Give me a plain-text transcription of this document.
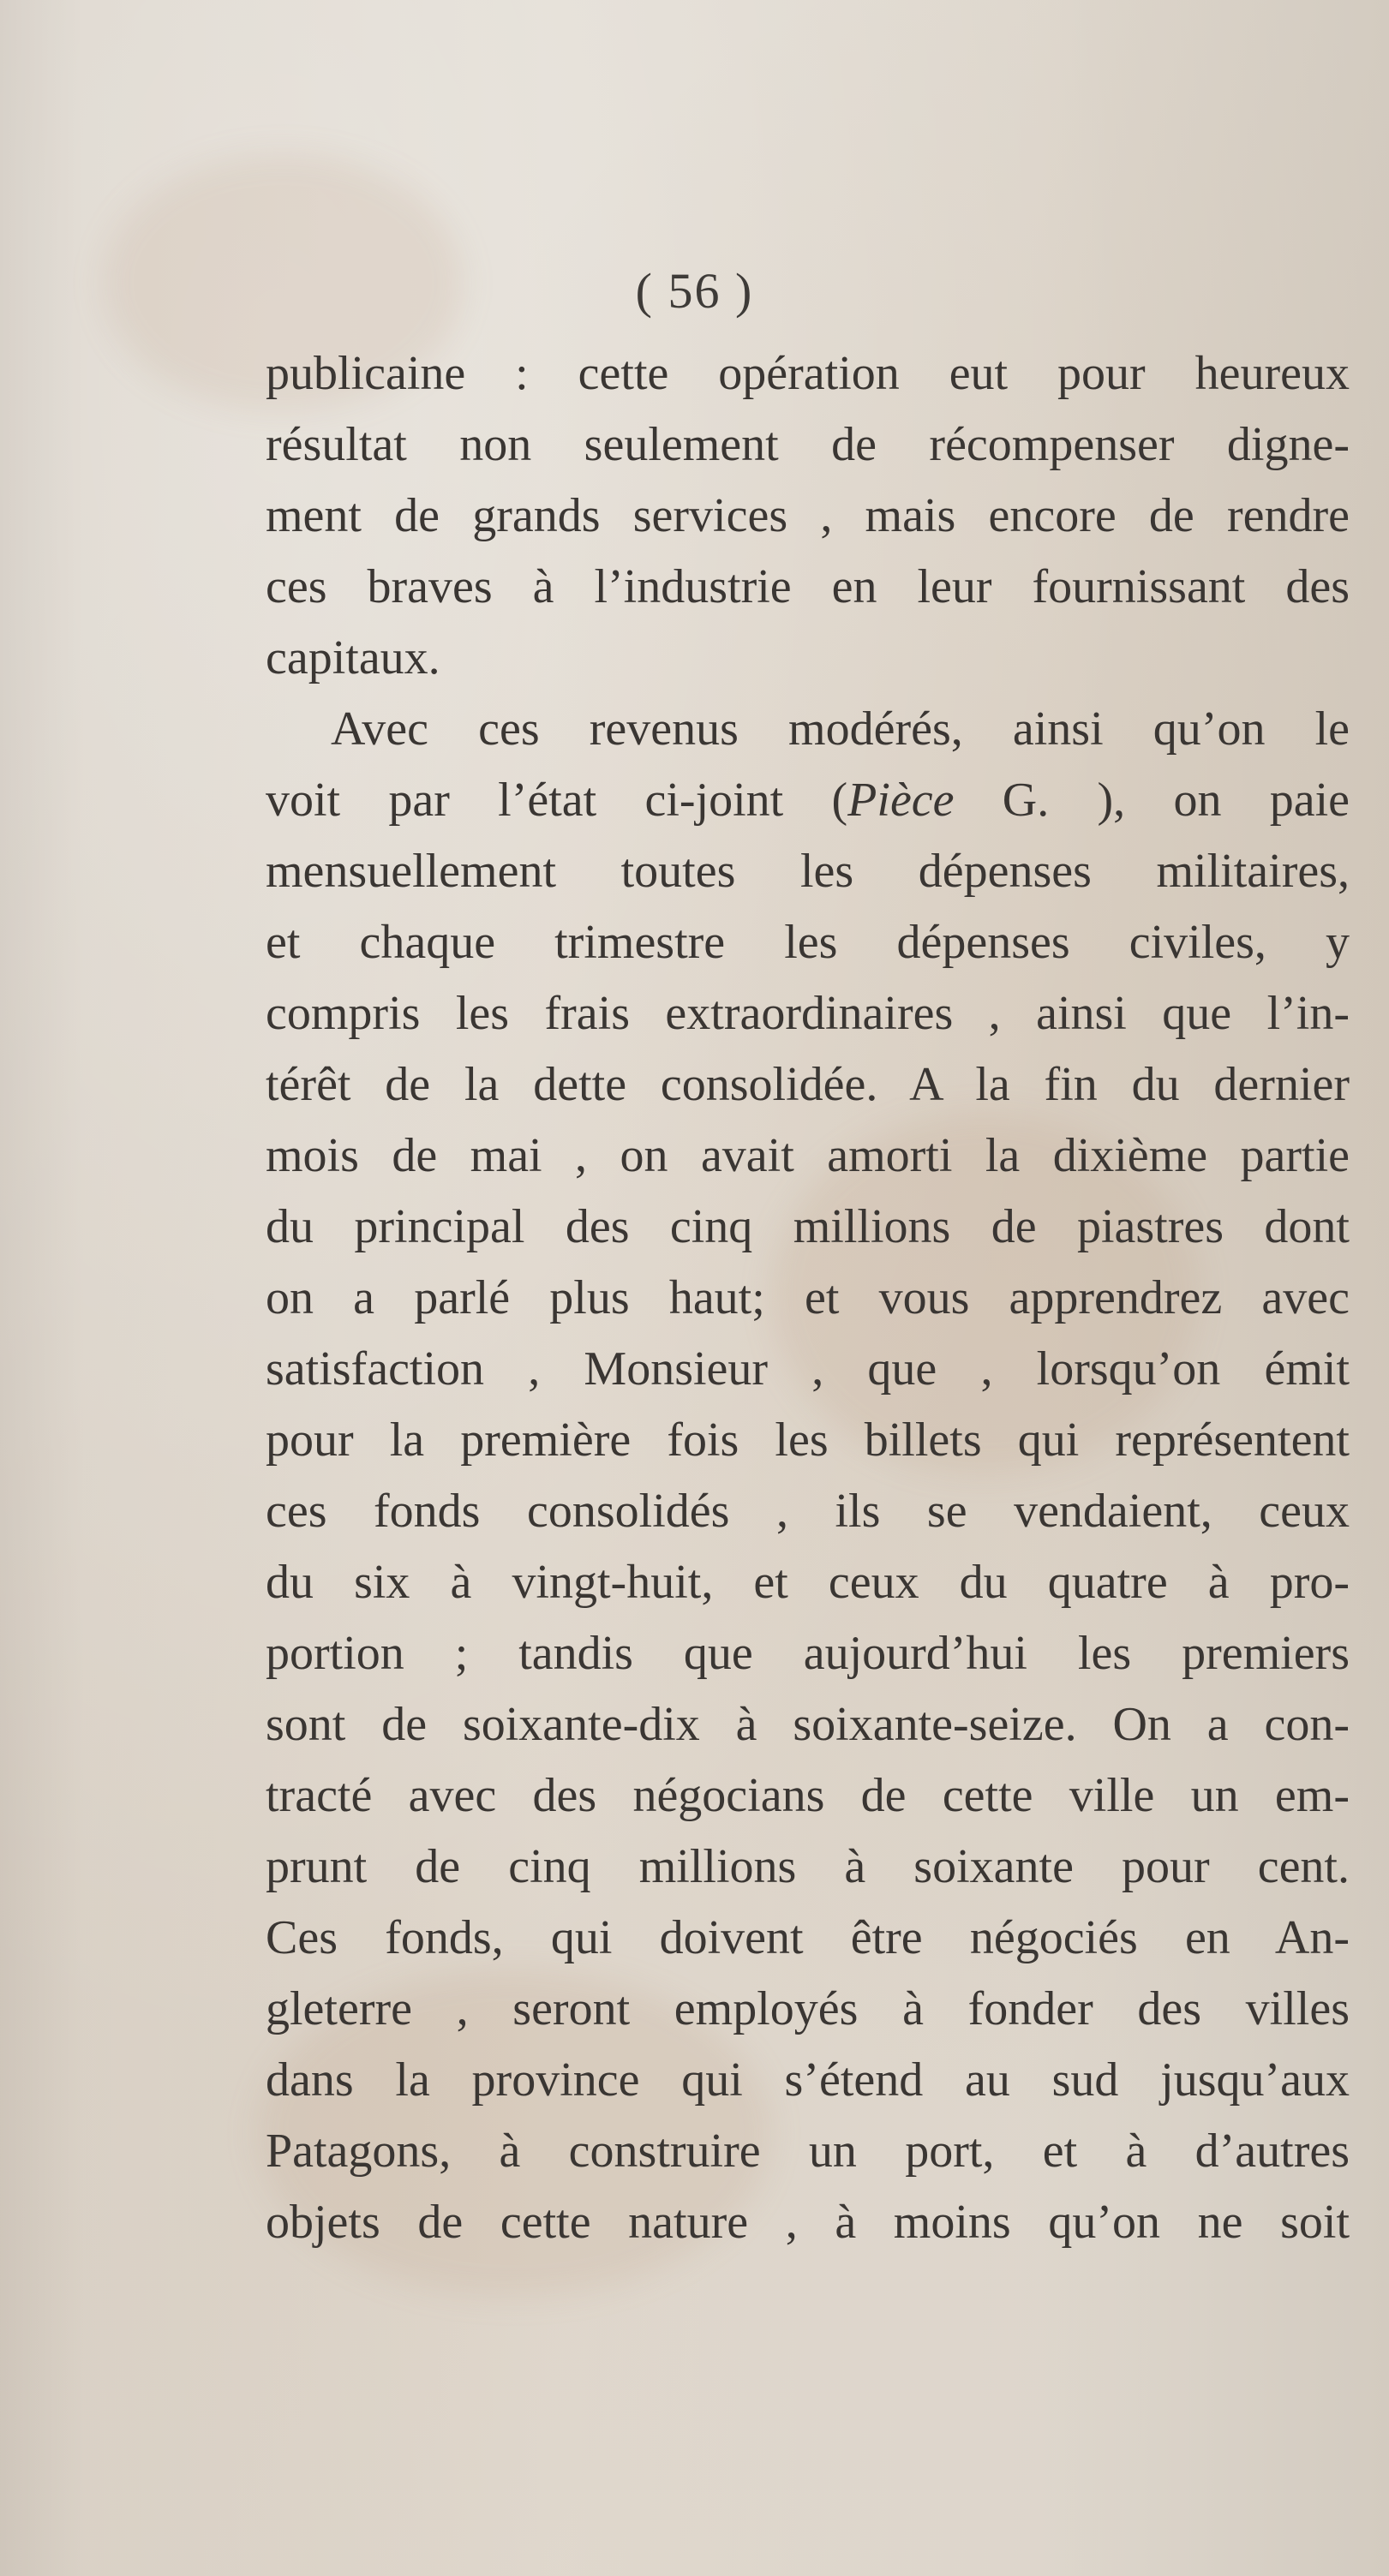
( 56 )
publicaine : cette opération eut pour heureux
résultat non seulement de récompenser digne-
ment de grands services , mais encore de rendre
ces braves à l’industrie en leur fournissant des
capitaux.
Avec ces revenus modérés, ainsi qu’on le
voit par l’état ci-joint (Pièce G. ), on paie
mensuellement toutes les dépenses militaires,
et chaque trimestre les dépenses civiles, y
compris les frais extraordinaires , ainsi que l’in-
térêt de la dette consolidée. A la fin du dernier
mois de mai , on avait amorti la dixième partie
du principal des cinq millions de piastres dont
on a parlé plus haut; et vous apprendrez avec
satisfaction , Monsieur , que , lorsqu’on émit
pour la première fois les billets qui représentent
ces fonds consolidés , ils se vendaient, ceux
du six à vingt-huit, et ceux du quatre à pro-
portion ; tandis que aujourd’hui les premiers
sont de soixante-dix à soixante-seize. On a con-
tracté avec des négocians de cette ville un em-
prunt de cinq millions à soixante pour cent.
Ces fonds, qui doivent être négociés en An-
gleterre , seront employés à fonder des villes
dans la province qui s’étend au sud jusqu’aux
Patagons, à construire un port, et à d’autres
objets de cette nature , à moins qu’on ne soit
